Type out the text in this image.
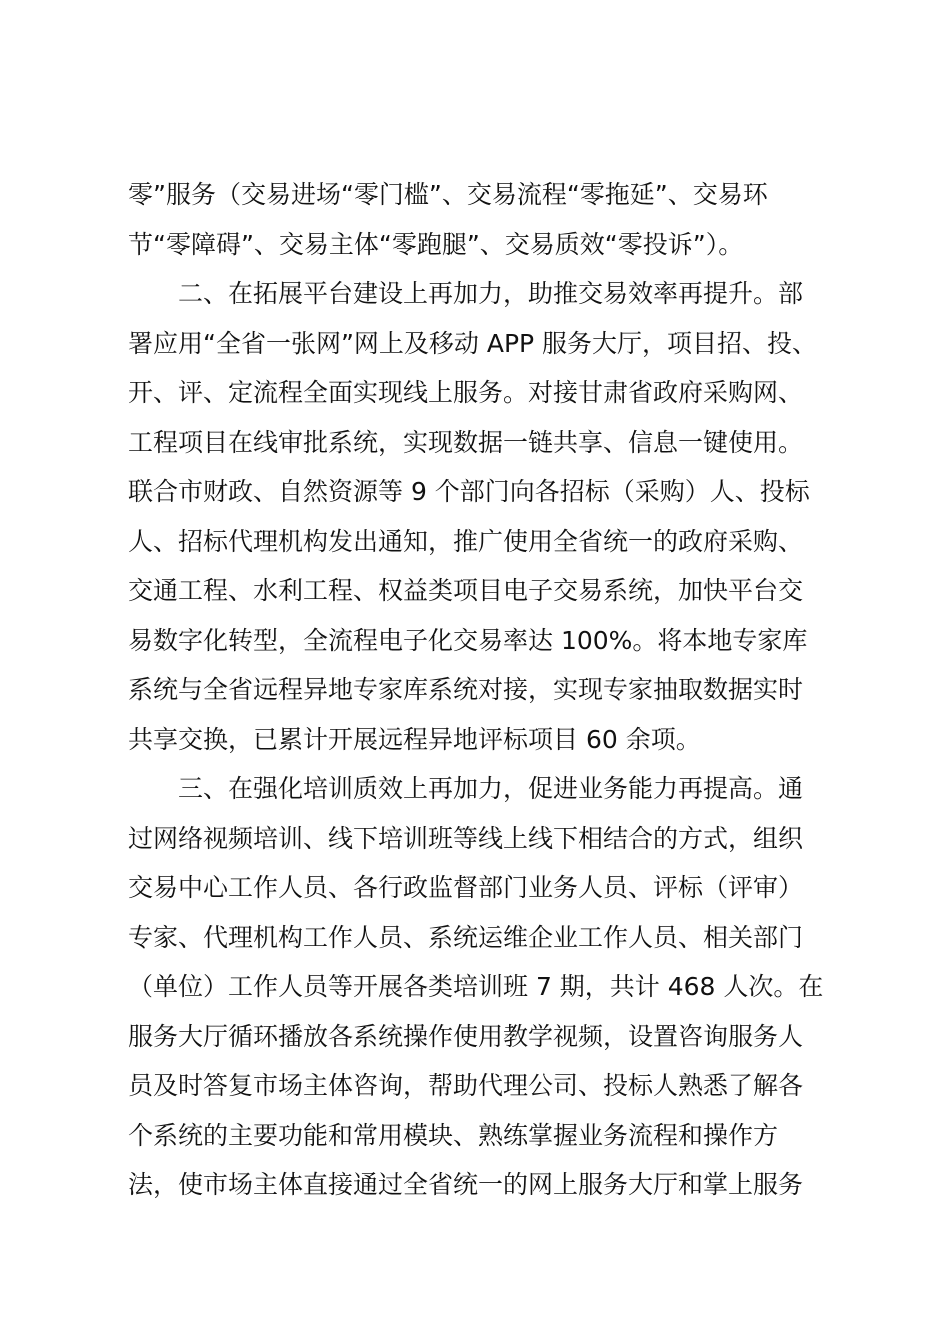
零”服务（交易进场“零门槛”、交易流程“零拖延”、交易环
节“零障碍”、交易主体“零跑腿”、交易质效“零投诉”）。
　　二、在拓展平台建设上再加力，助推交易效率再提升。部
署应用“全省一张网”网上及移动 APP 服务大厅，项目招、投、
开、评、定流程全面实现线上服务。对接甘肃省政府采购网、
工程项目在线审批系统，实现数据一链共享、信息一键使用。
联合市财政、自然资源等 9 个部门向各招标（采购）人、投标
人、招标代理机构发出通知，推广使用全省统一的政府采购、
交通工程、水利工程、权益类项目电子交易系统，加快平台交
易数字化转型，全流程电子化交易率达 100%。将本地专家库
系统与全省远程异地专家库系统对接，实现专家抽取数据实时
共享交换，已累计开展远程异地评标项目 60 余项。
　　三、在强化培训质效上再加力，促进业务能力再提高。通
过网络视频培训、线下培训班等线上线下相结合的方式，组织
交易中心工作人员、各行政监督部门业务人员、评标（评审）
专家、代理机构工作人员、系统运维企业工作人员、相关部门
（单位）工作人员等开展各类培训班 7 期，共计 468 人次。在
服务大厅循环播放各系统操作使用教学视频，设置咨询服务人
员及时答复市场主体咨询，帮助代理公司、投标人熟悉了解各
个系统的主要功能和常用模块、熟练掌握业务流程和操作方
法，使市场主体直接通过全省统一的网上服务大厅和掌上服务
